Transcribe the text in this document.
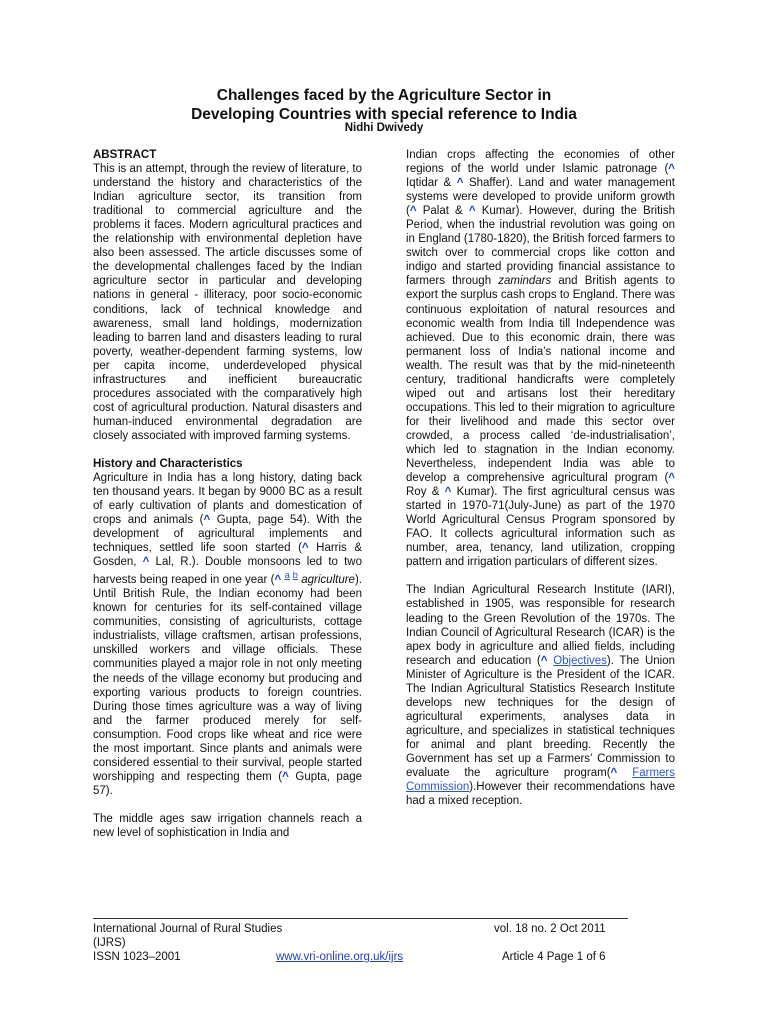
Challenges faced by the Agriculture Sector in
Developing Countries with special reference to India
Nidhi Dwivedy

ABSTRACT

This is an attempt, through the review of literature, to understand the history and characteristics of the Indian agriculture sector, its transition from traditional to commercial agriculture and the problems it faces. Modern agricultural practices and the relationship with environmental depletion have also been assessed. The article discusses some of the developmental challenges faced by the Indian agriculture sector in particular and developing nations in general - illiteracy, poor socio-economic conditions, lack of technical knowledge and awareness, small land holdings, modernization leading to barren land and disasters leading to rural poverty, weather-dependent farming systems, low per capita income, underdeveloped physical infrastructures and inefficient bureaucratic procedures associated with the comparatively high cost of agricultural production. Natural disasters and human-induced environmental degradation are closely associated with improved farming systems.

History and Characteristics

Agriculture in India has a long history, dating back ten thousand years. It began by 9000 BC as a result of early cultivation of plants and domestication of crops and animals (^ Gupta, page 54). With the development of agricultural implements and techniques, settled life soon started (^ Harris & Gosden, ^ Lal, R.). Double monsoons led to two harvests being reaped in one year (^ $^{a b}$ agriculture). Until British Rule, the Indian economy had been known for centuries for its self-contained village communities, consisting of agriculturists, cottage industrialists, village craftsmen, artisan professions, unskilled workers and village officials. These communities played a major role in not only meeting the needs of the village economy but producing and exporting various products to foreign countries. During those times agriculture was a way of living and the farmer produced merely for self-consumption. Food crops like wheat and rice were the most important. Since plants and animals were considered essential to their survival, people started worshipping and respecting them (^ Gupta, page 57).

The middle ages saw irrigation channels reach a new level of sophistication in India and

Indian crops affecting the economies of other regions of the world under Islamic patronage (^ Iqtidar & ^ Shaffer). Land and water management systems were developed to provide uniform growth (^ Palat & ^ Kumar). However, during the British Period, when the industrial revolution was going on in England (1780-1820), the British forced farmers to switch over to commercial crops like cotton and indigo and started providing financial assistance to farmers through zamindars and British agents to export the surplus cash crops to England. There was continuous exploitation of natural resources and economic wealth from India till Independence was achieved. Due to this economic drain, there was permanent loss of India’s national income and wealth. The result was that by the mid-nineteenth century, traditional handicrafts were completely wiped out and artisans lost their hereditary occupations. This led to their migration to agriculture for their livelihood and made this sector over crowded, a process called ‘de-industrialisation’, which led to stagnation in the Indian economy. Nevertheless, independent India was able to develop a comprehensive agricultural program (^ Roy & ^ Kumar). The first agricultural census was started in 1970-71(July-June) as part of the 1970 World Agricultural Census Program sponsored by FAO. It collects agricultural information such as number, area, tenancy, land utilization, cropping pattern and irrigation particulars of different sizes.

The Indian Agricultural Research Institute (IARI), established in 1905, was responsible for research leading to the Green Revolution of the 1970s. The Indian Council of Agricultural Research (ICAR) is the apex body in agriculture and allied fields, including research and education (^ Objectives). The Union Minister of Agriculture is the President of the ICAR. The Indian Agricultural Statistics Research Institute develops new techniques for the design of agricultural experiments, analyses data in agriculture, and specializes in statistical techniques for animal and plant breeding. Recently the Government has set up a Farmers’ Commission to evaluate the agriculture program(^ Farmers Commission).However their recommendations have had a mixed reception.

International Journal of Rural Studies (IJRS)
ISSN 1023–2001	www.vri-online.org.uk/ijrs
vol. 18 no. 2 Oct 2011
Article 4 Page 1 of 6
